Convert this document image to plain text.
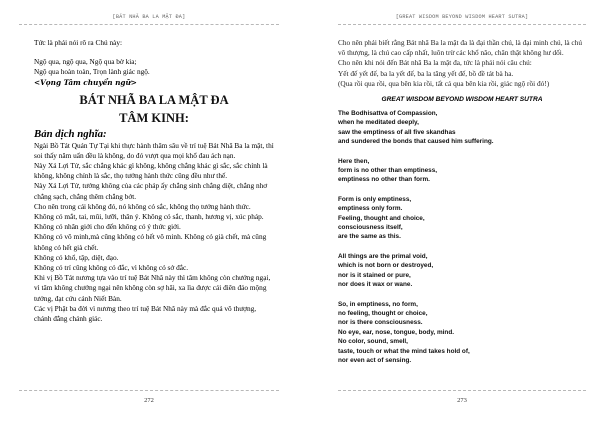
[BÁT NHÃ BA LA MẬT ĐA]

Tức là phải nói rõ ra Chú này:

Ngộ qua, ngộ qua, Ngộ qua bờ kia;

Ngộ qua hoàn toàn, Trọn lành giác ngộ.

<Vọng Tâm chuyển ngữ>

BÁT NHÃ BA LA MẬT ĐA
TÂM KINH:
Bản dịch nghĩa:

Ngài Bồ Tát Quán Tự Tại khi thực hành thâm sâu về trí tuệ Bát Nhã Ba la mật, thì soi thấy năm uẩn đều là không, do đó vượt qua mọi khổ đau ách nạn.

Này Xá Lợi Tử, sắc chẳng khác gì không, không chẳng khác gì sắc, sắc chính là không, không chính là sắc, thọ tưởng hành thức cũng đều như thế.

Này Xá Lợi Tử, tướng không của các pháp ấy chẳng sinh chẳng diệt, chẳng nhơ chẳng sạch, chẳng thêm chẳng bớt.

Cho nên trong cái không đó, nó không có sắc, không thọ tưởng hành thức.

Không có mắt, tai, mũi, lưỡi, thân ý. Không có sắc, thanh, hương vị, xúc pháp. Không có nhãn giới cho đến không có ý thức giới.

Không có vô minh,mà cũng không có hết vô minh. Không có già chết, mà cũng không có hết già chết.

Không có khổ, tập, diệt, đạo.

Không có trí cũng không có đắc, vì không có sở đắc.

Khi vị Bồ Tát nương tựa vào trí tuệ Bát Nhã này thì tâm không còn chướng ngại, vì tâm không chướng ngại nên không còn sợ hãi, xa lìa được cái điên đảo mộng tưởng, đạt cứu cánh Niết Bàn.

Các vị Phật ba đời vì nương theo trí tuệ Bát Nhã này mà đắc quả vô thượng, chánh đẳng chánh giác.

272
[GREAT WISDOM BEYOND WISDOM HEART SUTRA]

Cho nên phải biết rằng Bát nhã Ba la mật đa là đại thần chú, là đại minh chú, là chú vô thượng, là chú cao cấp nhất, luôn trừ các khổ não, chân thật không hư dối.

Cho nên khi nói đến Bát nhã Ba la mật đa, tức là phải nói câu chú:

Yết đế yết đế, ba la yết đế, ba la tăng yết đế, bồ đề tát bà ha.

(Qua rồi qua rồi, qua bên kia rồi, tất cả qua bên kia rồi, giác ngộ rồi đó!)

GREAT WISDOM BEYOND WISDOM HEART SUTRA
The Bodhisattva of Compassion,
when he meditated deeply,
saw the emptiness of all five skandhas
and sundered the bonds that caused him suffering.
Here then,
form is no other than emptiness,
emptiness no other than form.
Form is only emptiness,
emptiness only form.
Feeling, thought and choice,
consciousness itself,
are the same as this.
All things are the primal void,
which is not born or destroyed,
nor is it stained or pure,
nor does it wax or wane.
So, in emptiness, no form,
no feeling, thought or choice,
nor is there consciousness.
No eye, ear, nose, tongue, body, mind.
No color, sound, smell,
taste, touch or what the mind takes hold of,
nor even act of sensing.
273
